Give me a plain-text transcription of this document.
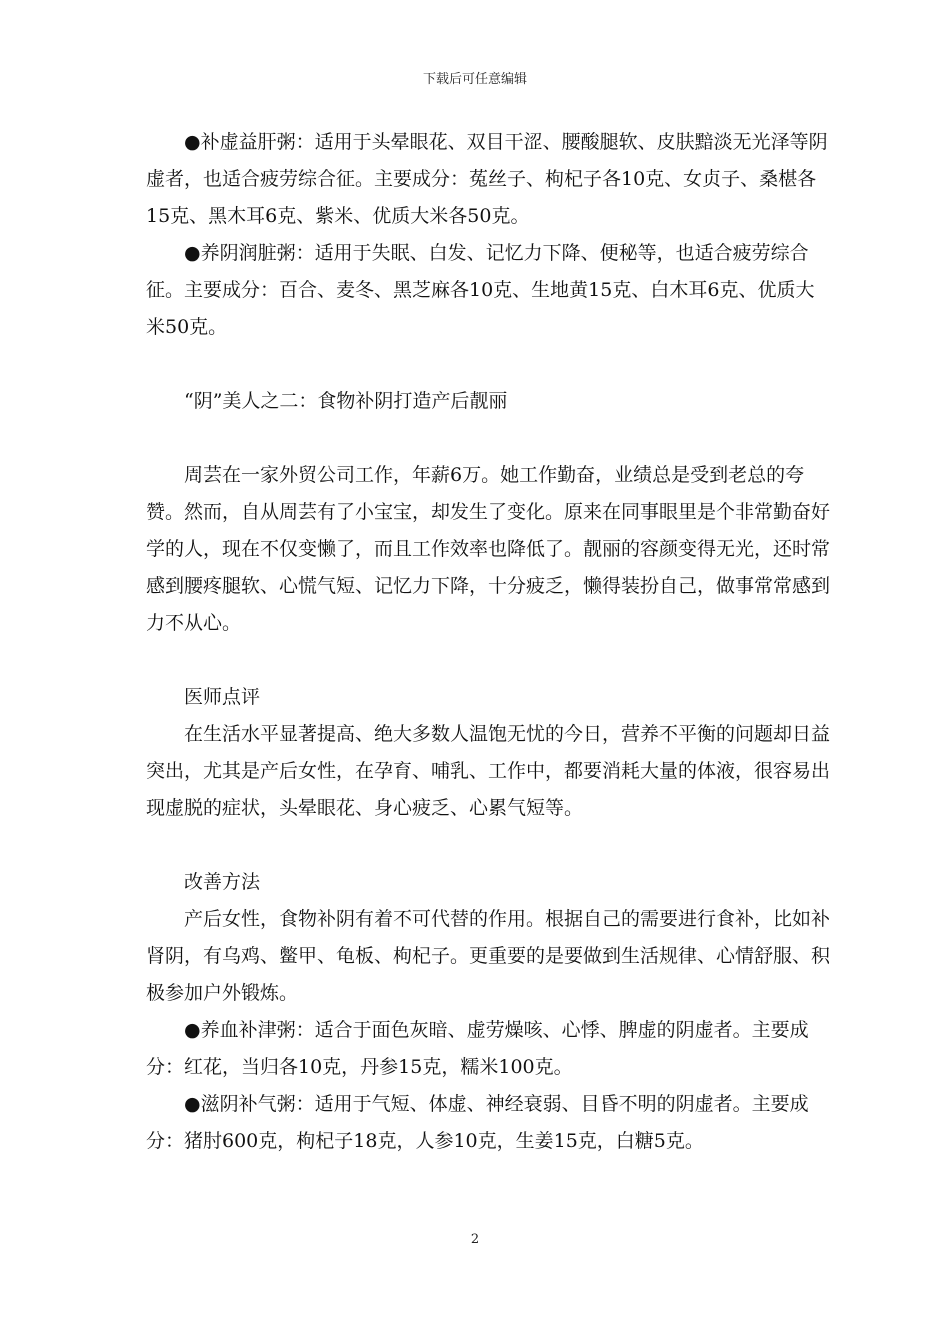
下载后可任意编辑

●补虚益肝粥：适用于头晕眼花、双目干涩、腰酸腿软、皮肤黯淡无光泽等阴虚者，也适合疲劳综合征。主要成分：菟丝子、枸杞子各10克、女贞子、桑椹各15克、黑木耳6克、紫米、优质大米各50克。

●养阴润脏粥：适用于失眠、白发、记忆力下降、便秘等，也适合疲劳综合征。主要成分：百合、麦冬、黑芝麻各10克、生地黄15克、白木耳6克、优质大米50克。

“阴”美人之二：食物补阴打造产后靓丽

周芸在一家外贸公司工作，年薪6万。她工作勤奋，业绩总是受到老总的夸赞。然而，自从周芸有了小宝宝，却发生了变化。原来在同事眼里是个非常勤奋好学的人，现在不仅变懒了，而且工作效率也降低了。靓丽的容颜变得无光，还时常感到腰疼腿软、心慌气短、记忆力下降，十分疲乏，懒得装扮自己，做事常常感到力不从心。

医师点评

在生活水平显著提高、绝大多数人温饱无忧的今日，营养不平衡的问题却日益突出，尤其是产后女性，在孕育、哺乳、工作中，都要消耗大量的体液，很容易出现虚脱的症状，头晕眼花、身心疲乏、心累气短等。

改善方法

产后女性，食物补阴有着不可代替的作用。根据自己的需要进行食补，比如补肾阴，有乌鸡、鳖甲、龟板、枸杞子。更重要的是要做到生活规律、心情舒服、积极参加户外锻炼。

●养血补津粥：适合于面色灰暗、虚劳燥咳、心悸、脾虚的阴虚者。主要成分：红花，当归各10克，丹参15克，糯米100克。

●滋阴补气粥：适用于气短、体虚、神经衰弱、目昏不明的阴虚者。主要成分：猪肘600克，枸杞子18克，人参10克，生姜15克，白糖5克。

2
